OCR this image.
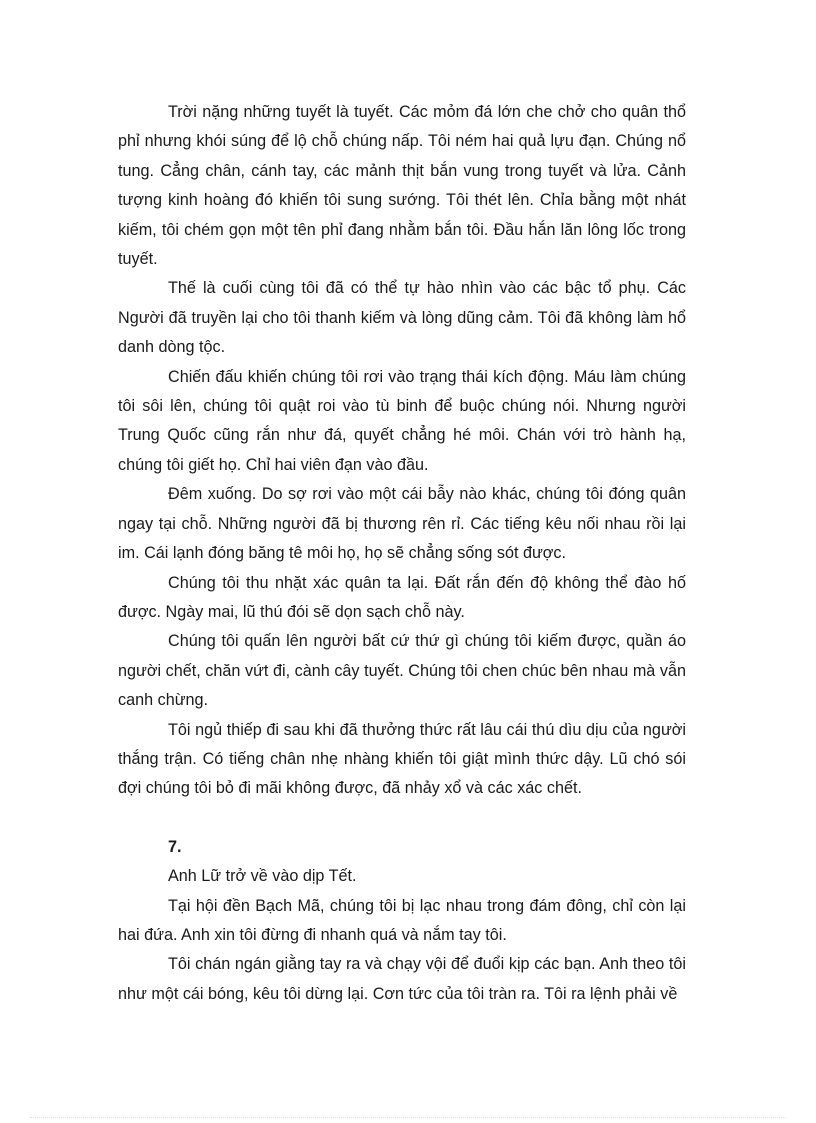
Trời nặng những tuyết là tuyết. Các mỏm đá lớn che chở cho quân thổ phỉ nhưng khói súng để lộ chỗ chúng nấp. Tôi ném hai quả lựu đạn. Chúng nổ tung. Cẳng chân, cánh tay, các mảnh thịt bắn vung trong tuyết và lửa. Cảnh tượng kinh hoàng đó khiến tôi sung sướng. Tôi thét lên. Chỉa bằng một nhát kiếm, tôi chém gọn một tên phỉ đang nhằm bắn tôi. Đầu hắn lăn lông lốc trong tuyết.

Thế là cuối cùng tôi đã có thể tự hào nhìn vào các bậc tổ phụ. Các Người đã truyền lại cho tôi thanh kiếm và lòng dũng cảm. Tôi đã không làm hổ danh dòng tộc.

Chiến đấu khiến chúng tôi rơi vào trạng thái kích động. Máu làm chúng tôi sôi lên, chúng tôi quật roi vào tù binh để buộc chúng nói. Nhưng người Trung Quốc cũng rắn như đá, quyết chẳng hé môi. Chán với trò hành hạ, chúng tôi giết họ. Chỉ hai viên đạn vào đầu.

Đêm xuống. Do sợ rơi vào một cái bẫy nào khác, chúng tôi đóng quân ngay tại chỗ. Những người đã bị thương rên rỉ. Các tiếng kêu nối nhau rồi lại im. Cái lạnh đóng băng tê môi họ, họ sẽ chẳng sống sót được.

Chúng tôi thu nhặt xác quân ta lại. Đất rắn đến độ không thể đào hố được. Ngày mai, lũ thú đói sẽ dọn sạch chỗ này.

Chúng tôi quấn lên người bất cứ thứ gì chúng tôi kiếm được, quần áo người chết, chăn vứt đi, cành cây tuyết. Chúng tôi chen chúc bên nhau mà vẫn canh chừng.

Tôi ngủ thiếp đi sau khi đã thưởng thức rất lâu cái thú dìu dịu của người thắng trận. Có tiếng chân nhẹ nhàng khiến tôi giật mình thức dậy. Lũ chó sói đợi chúng tôi bỏ đi mãi không được, đã nhảy xổ và các xác chết.

7.

Anh Lữ trở về vào dịp Tết.

Tại hội đền Bạch Mã, chúng tôi bị lạc nhau trong đám đông, chỉ còn lại hai đứa. Anh xin tôi đừng đi nhanh quá và nắm tay tôi.

Tôi chán ngán giằng tay ra và chạy vội để đuổi kịp các bạn. Anh theo tôi như một cái bóng, kêu tôi dừng lại. Cơn tức của tôi tràn ra. Tôi ra lệnh phải về
